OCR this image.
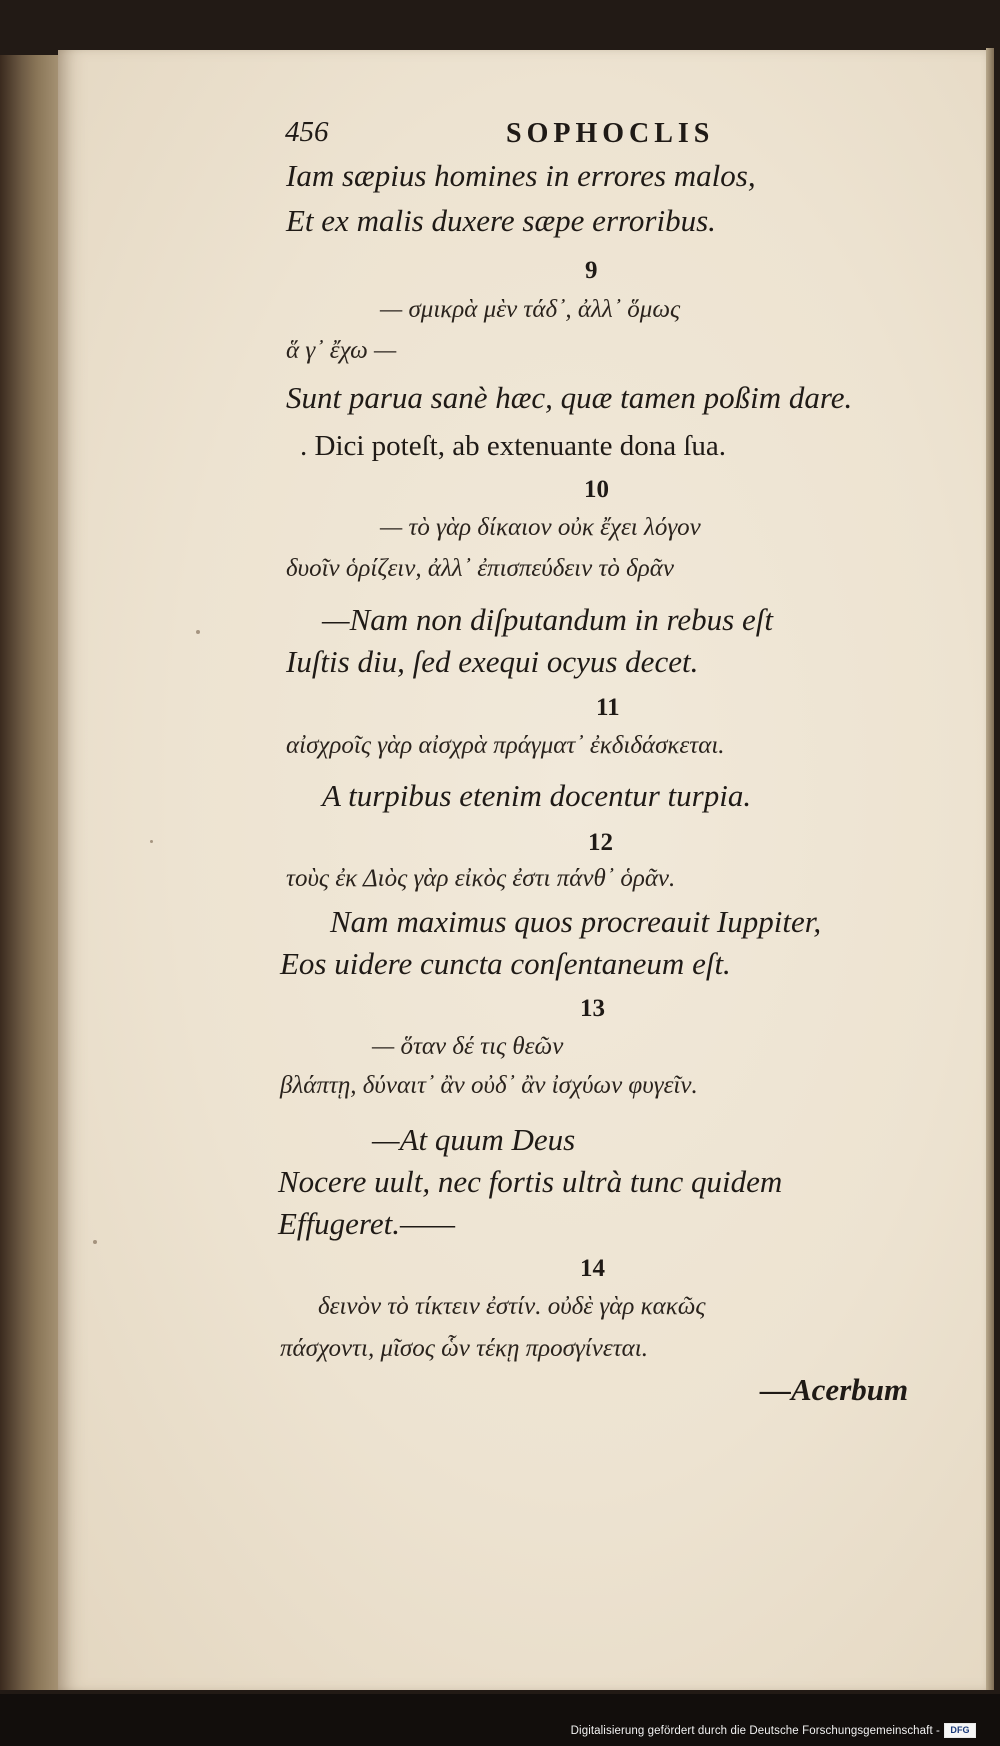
456	SOPHOCLIS
Iam sæpius homines in errores malos,
Et ex malis duxere sæpe erroribus.
9
— σμικρὰ μὲν τάδ᾽, ἀλλ᾽ ὅμως
ἅ γ᾽ ἔχω —
Sunt parua sanè hæc, quæ tamen poßim dare.
. Dici poteſt, ab extenuante dona ſua.
10
— τὸ γὰρ δίκαιον οὐκ ἔχει λόγον
δυοῖν ὁρίζειν, ἀλλ᾽ ἐπισπεύδειν τὸ δρᾶν
—Nam non diſputandum in rebus eſt
Iuſtis diu, ſed exequi ocyus decet.
11
αἰσχροῖς γὰρ αἰσχρὰ πράγματ᾽ ἐκδιδάσκεται.
A turpibus etenim docentur turpia.
12
τοὺς ἐκ Διὸς γὰρ εἰκὸς ἐστι πάνθ᾽ ὁρᾶν.
Nam maximus quos procreauit Iuppiter,
Eos uidere cuncta conſentaneum eſt.
13
— ὅταν δέ τις θεῶν
βλάπτῃ, δύναιτ᾽ ἂν οὐδ᾽ ἂν ἰσχύων φυγεῖν.
—At quum Deus
Nocere uult, nec fortis ultrà tunc quidem
Effugeret.——
14
δεινὸν τὸ τίκτειν ἐστίν. οὐδὲ γὰρ κακῶς
πάσχοντι, μῖσος ὧν τέκῃ προσγίνεται.
—Acerbum
Digitalisierung gefördert durch die Deutsche Forschungsgemeinschaft -	DFG
